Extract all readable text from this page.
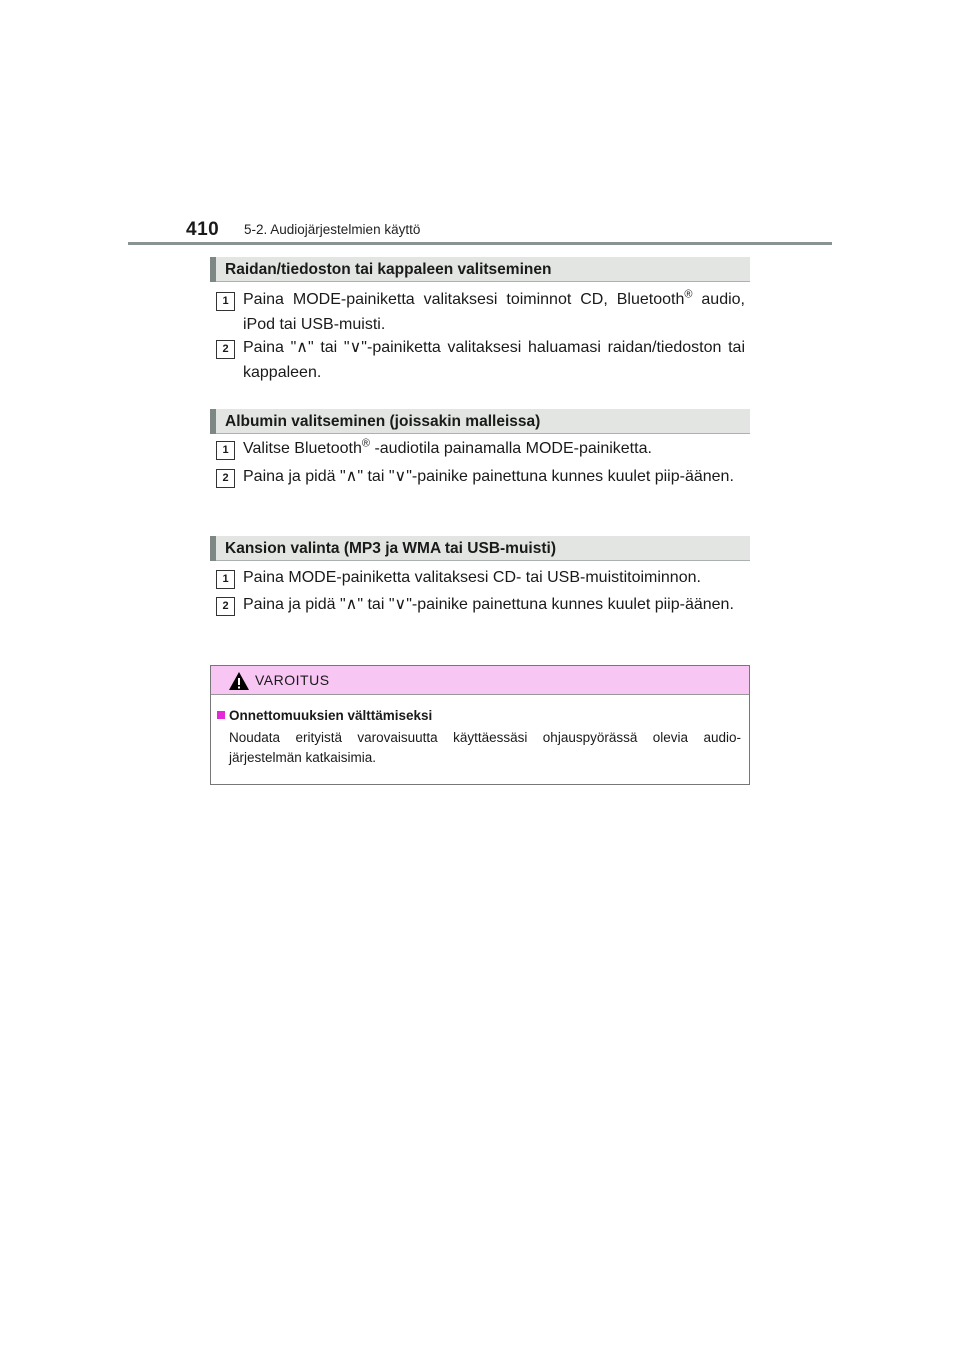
410 5-2. Audiojärjestelmien käyttö
Raidan/tiedoston tai kappaleen valitseminen
1 Paina MODE-painiketta valitaksesi toiminnot CD, Bluetooth® audio, iPod tai USB-muisti.
2 Paina "∧" tai "∨"-painiketta valitaksesi haluamasi raidan/tiedoston tai kappaleen.
Albumin valitseminen (joissakin malleissa)
1 Valitse Bluetooth® -audiotila painamalla MODE-painiketta.
2 Paina ja pidä "∧" tai "∨"-painike painettuna kunnes kuulet piip-äänen.
Kansion valinta (MP3 ja WMA tai USB-muisti)
1 Paina MODE-painiketta valitaksesi CD- tai USB-muistitoiminnon.
2 Paina ja pidä "∧" tai "∨"-painike painettuna kunnes kuulet piip-äänen.
VAROITUS
Onnettomuuksien välttämiseksi
Noudata erityistä varovaisuutta käyttäessäsi ohjauspyörässä olevia audio-järjestelmän katkaisimia.
